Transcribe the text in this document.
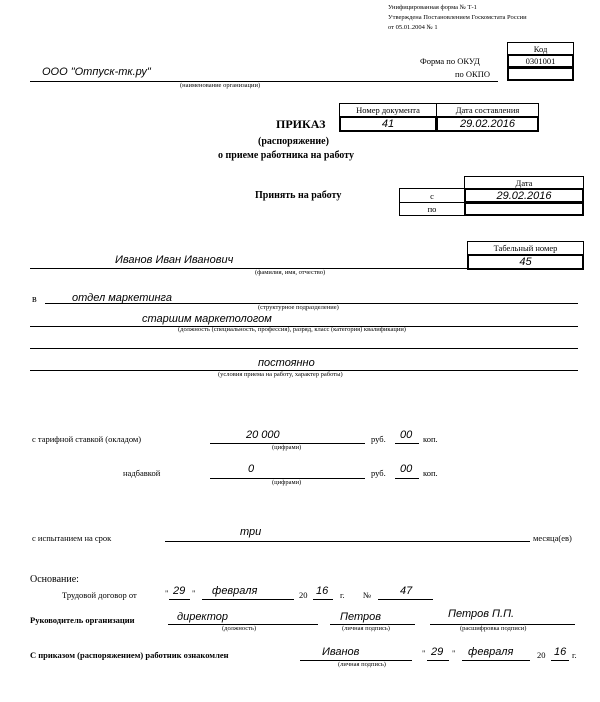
Унифицированная форма № Т-1
Утверждена Постановлением Госкомстата России
от 05.01.2004 № 1
Код
0301001
Форма по ОКУД
по ОКПО
ООО "Отпуск-тк.ру"
(наименование организации)
Номер документа	Дата составления
41	29.02.2016
ПРИКАЗ
(распоряжение)
о приеме работника на работу
Принять на работу
Дата
с	29.02.2016
по
Табельный номер
45
Иванов Иван Иванович
(фамилия, имя, отчество)
в	отдел маркетинга
(структурное подразделение)
старшим маркетологом
(должность (специальность, профессия), разряд, класс (категория) квалификации)
постоянно
(условия приема на работу, характер работы)
с тарифной ставкой (окладом)	20 000
(цифрами)
руб. 00 коп.
надбавкой	0
(цифрами)
руб. 00 коп.
с испытанием на срок	три	месяца(ев)
Основание:
Трудовой договор от	" 29 " февраля	20 16 г. №	47
Руководитель организации	директор
(должность)
Петров
(личная подпись)
Петров П.П.
(расшифровка подписи)
С приказом (распоряжением) работник ознакомлен	Иванов
(личная подпись)
" 29 " февраля	20 16 г.
